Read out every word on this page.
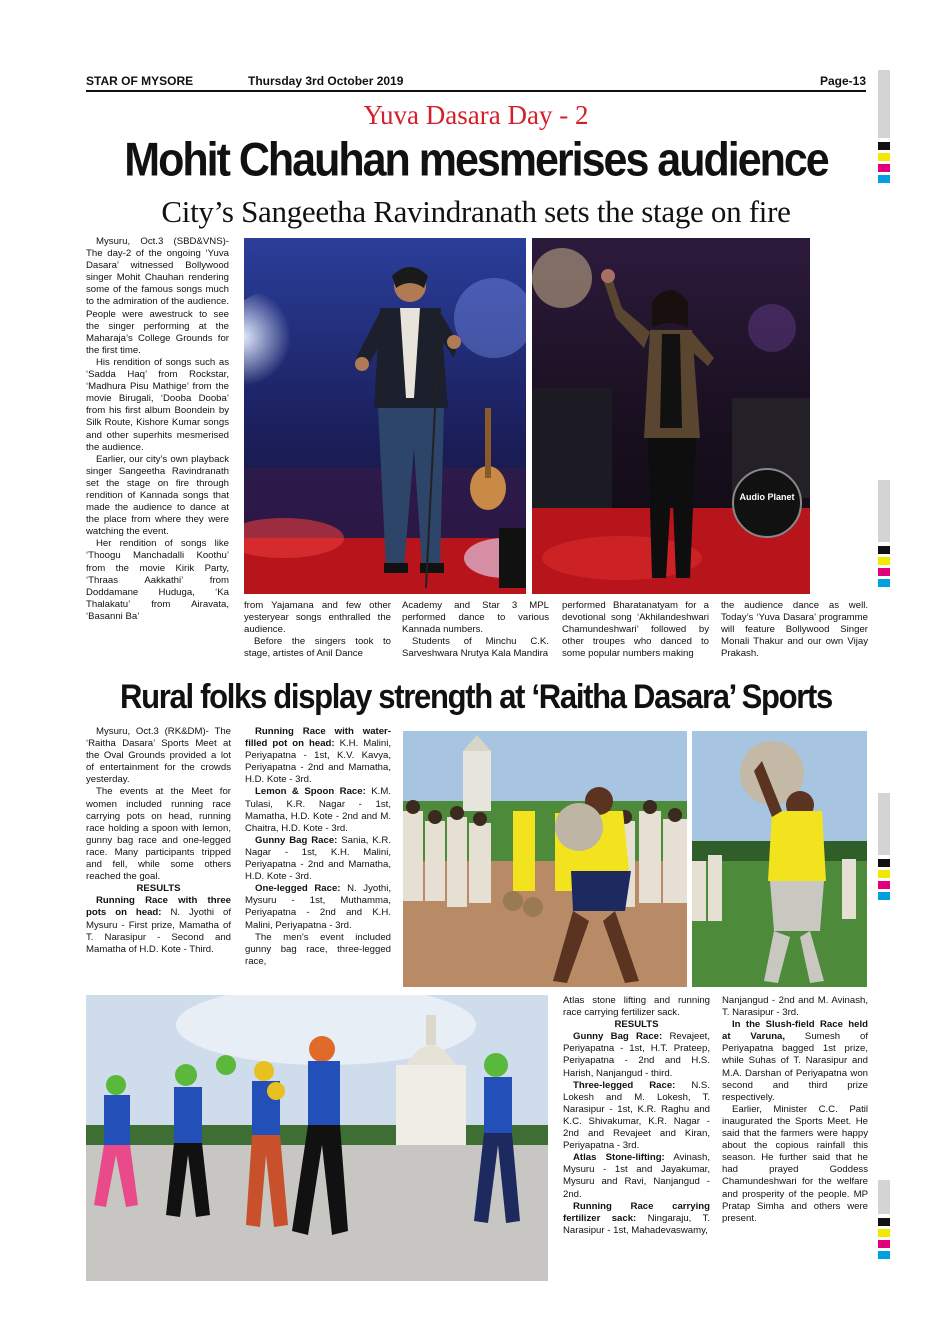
STAR OF MYSORE	Thursday 3rd October 2019	Page-13
Yuva Dasara Day - 2
Mohit Chauhan mesmerises audience
City’s Sangeetha Ravindranath sets the stage on fire

Mysuru, Oct.3 (SBD&VNS)- The day-2 of the ongoing ‘Yuva Dasara’ witnessed Bollywood singer Mohit Chauhan rendering some of the famous songs much to the admiration of the audience. People were awestruck to see the singer performing at the Maharaja’s College Grounds for the first time.

His rendition of songs such as ‘Sadda Haq’ from Rockstar, ‘Madhura Pisu Mathige’ from the movie Birugali, ‘Dooba Dooba’ from his first album Boondein by Silk Route, Kishore Kumar songs and other superhits mesmerised the audience.

Earlier, our city’s own playback singer Sangeetha Ravindranath set the stage on fire through rendition of Kannada songs that made the audience to dance at the place from where they were watching the event.

Her rendition of songs like ‘Thoogu Manchadalli Koothu’ from the movie Kirik Party, ‘Thraas Aakkathi’ from Doddamane Huduga, ‘Ka Thalakatu’ from Airavata, ‘Basanni Ba’

Audio Planet

from Yajamana and few other yesteryear songs enthralled the audience.

Before the singers took to stage, artistes of Anil Dance

Academy and Star 3 MPL performed dance to various Kannada numbers.

Students of Minchu C.K. Sarveshwara Nrutya Kala Mandira

performed Bharatanatyam for a devotional song ‘Akhilandeshwari Chamundeshwari’ followed by other troupes who danced to some popular numbers making

the audience dance as well. Today’s ‘Yuva Dasara’ programme will feature Bollywood Singer Monali Thakur and our own Vijay Prakash.

Rural folks display strength at ‘Raitha Dasara’ Sports

Mysuru, Oct.3 (RK&DM)- The ‘Raitha Dasara’ Sports Meet at the Oval Grounds provided a lot of entertainment for the crowds yesterday.

The events at the Meet for women included running race carrying pots on head, running race holding a spoon with lemon, gunny bag race and one-legged race. Many participants tripped and fell, while some others reached the goal.

RESULTS

Running Race with three pots on head: N. Jyothi of Mysuru - First prize, Mamatha of T. Narasipur - Second and Mamatha of H.D. Kote - Third.

Running Race with water-filled pot on head: K.H. Malini, Periyapatna - 1st, K.V. Kavya, Periyapatna - 2nd and Mamatha, H.D. Kote - 3rd.

Lemon & Spoon Race: K.M. Tulasi, K.R. Nagar - 1st, Mamatha, H.D. Kote - 2nd and M. Chaitra, H.D. Kote - 3rd.

Gunny Bag Race: Sania, K.R. Nagar - 1st, K.H. Malini, Periyapatna - 2nd and Mamatha, H.D. Kote - 3rd.

One-legged Race: N. Jyothi, Mysuru - 1st, Muthamma, Periyapatna - 2nd and K.H. Malini, Periyapatna - 3rd.

The men’s event included gunny bag race, three-legged race,

Atlas stone lifting and running race carrying fertilizer sack.

RESULTS

Gunny Bag Race: Revajeet, Periyapatna - 1st, H.T. Prateep, Periyapatna - 2nd and H.S. Harish, Nanjangud - third.

Three-legged Race: N.S. Lokesh and M. Lokesh, T. Narasipur - 1st, K.R. Raghu and K.C. Shivakumar, K.R. Nagar - 2nd and Revajeet and Kiran, Periyapatna - 3rd.

Atlas Stone-lifting: Avinash, Mysuru - 1st and Jayakumar, Mysuru and Ravi, Nanjangud - 2nd.

Running Race carrying fertilizer sack: Ningaraju, T. Narasipur - 1st, Mahadevaswamy,

Nanjangud - 2nd and M. Avinash, T. Narasipur - 3rd.

In the Slush-field Race held at Varuna, Sumesh of Periyapatna bagged 1st prize, while Suhas of T. Narasipur and M.A. Darshan of Periyapatna won second and third prize respectively.

Earlier, Minister C.C. Patil inaugurated the Sports Meet. He said that the farmers were happy about the copious rainfall this season. He further said that he had prayed Goddess Chamundeshwari for the welfare and prosperity of the people. MP Pratap Simha and others were present.
